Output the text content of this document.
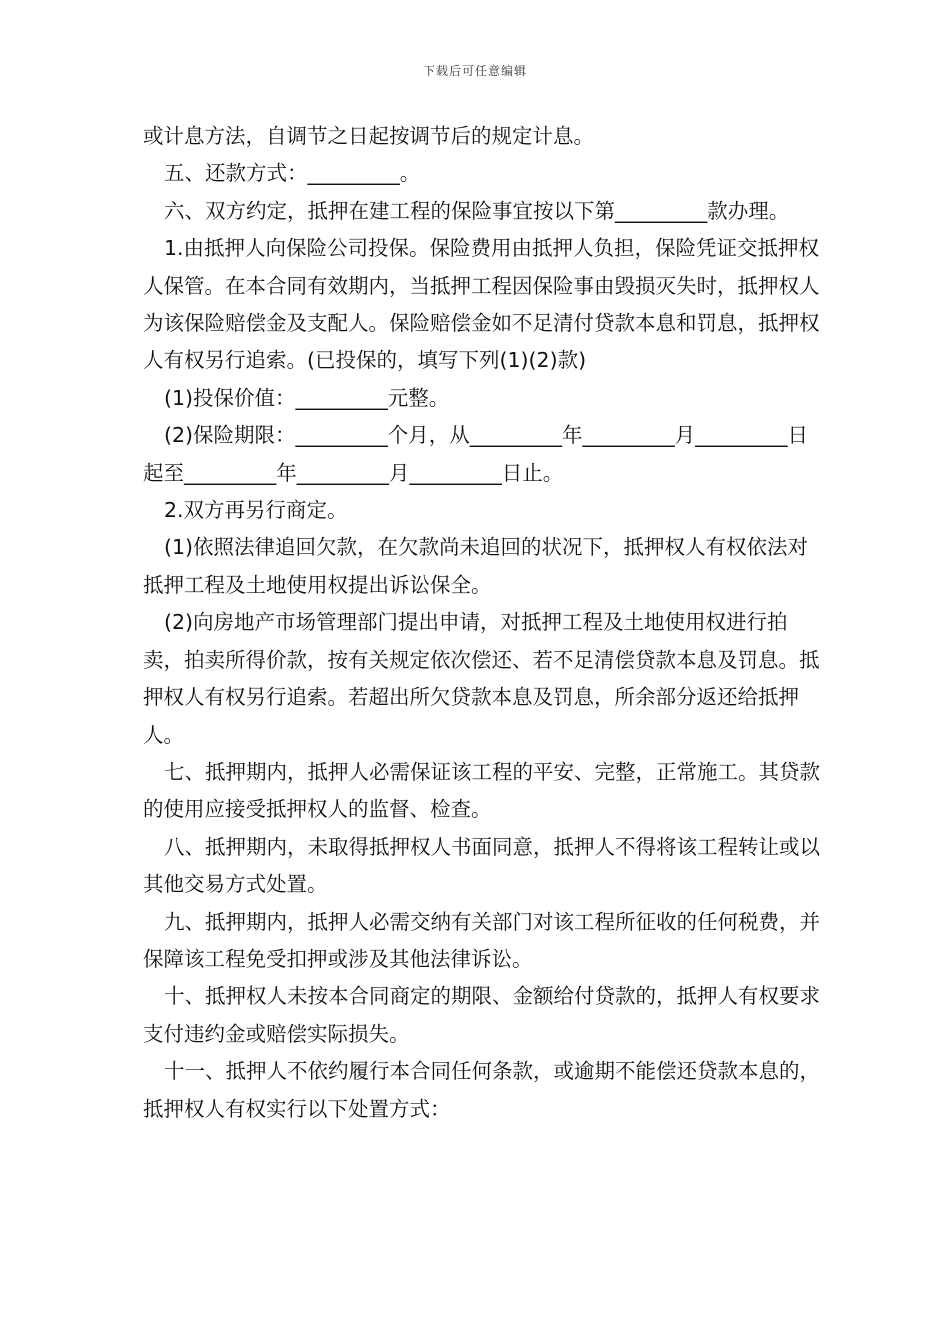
下载后可任意编辑

或计息方法，自调节之日起按调节后的规定计息。

五、还款方式：_________。

六、双方约定，抵押在建工程的保险事宜按以下第_________款办理。

1.由抵押人向保险公司投保。保险费用由抵押人负担，保险凭证交抵押权人保管。在本合同有效期内，当抵押工程因保险事由毁损灭失时，抵押权人为该保险赔偿金及支配人。保险赔偿金如不足清付贷款本息和罚息，抵押权人有权另行追索。(已投保的，填写下列(1)(2)款)

(1)投保价值：_________元整。

(2)保险期限：_________个月，从_________年_________月_________日起至_________年_________月_________日止。

2.双方再另行商定。

(1)依照法律追回欠款，在欠款尚未追回的状况下，抵押权人有权依法对抵押工程及土地使用权提出诉讼保全。

(2)向房地产市场管理部门提出申请，对抵押工程及土地使用权进行拍卖，拍卖所得价款，按有关规定依次偿还、若不足清偿贷款本息及罚息。抵押权人有权另行追索。若超出所欠贷款本息及罚息，所余部分返还给抵押人。

七、抵押期内，抵押人必需保证该工程的平安、完整，正常施工。其贷款的使用应接受抵押权人的监督、检查。

八、抵押期内，未取得抵押权人书面同意，抵押人不得将该工程转让或以其他交易方式处置。

九、抵押期内，抵押人必需交纳有关部门对该工程所征收的任何税费，并保障该工程免受扣押或涉及其他法律诉讼。

十、抵押权人未按本合同商定的期限、金额给付贷款的，抵押人有权要求支付违约金或赔偿实际损失。

十一、抵押人不依约履行本合同任何条款，或逾期不能偿还贷款本息的，抵押权人有权实行以下处置方式：
